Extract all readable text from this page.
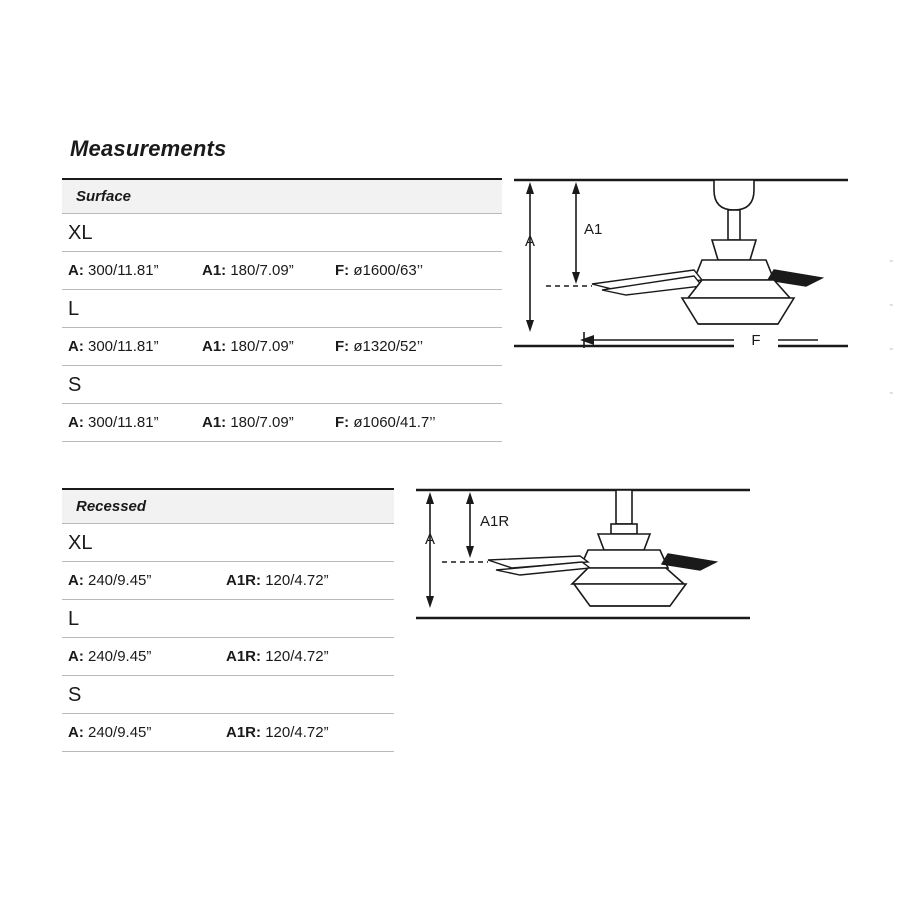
Measurements
Surface
XL
A: 300/11.81”	A1: 180/7.09”	F: ø1600/63’’
L
A: 300/11.81”	A1: 180/7.09”	F: ø1320/52’’
S
A: 300/11.81”	A1: 180/7.09”	F: ø1060/41.7’’
A
A1
F
Recessed
XL
A: 240/9.45”	A1R: 120/4.72”
L
A: 240/9.45”	A1R: 120/4.72”
S
A: 240/9.45”	A1R: 120/4.72”
A
A1R
⁃
⁃
⁃
⁃
